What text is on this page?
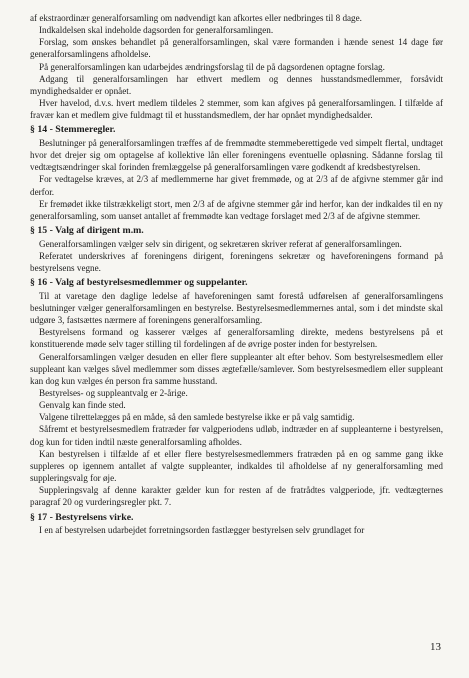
af ekstraordinær generalforsamling om nødvendigt kan afkortes eller nedbringes til 8 dage.

Indkaldelsen skal indeholde dagsorden for generalforsamlingen.

Forslag, som ønskes behandlet på generalforsamlingen, skal være formanden i hænde senest 14 dage før generalforsamlingens afholdelse.

På generalforsamlingen kan udarbejdes ændringsforslag til de på dagsordenen optagne forslag.

Adgang til generalforsamlingen har ethvert medlem og dennes husstandsmedlemmer, forsåvidt myndighedsalder er opnået.

Hver havelod, d.v.s. hvert medlem tildeles 2 stemmer, som kan afgives på generalforsamlingen. I tilfælde af fravær kan et medlem give fuldmagt til et husstandsmedlem, der har opnået myndighedsalder.

§ 14 - Stemmeregler.

Beslutninger på generalforsamlingen træffes af de fremmødte stemmeberettigede ved simpelt flertal, undtaget hvor det drejer sig om optagelse af kollektive lån eller foreningens eventuelle opløsning. Sådanne forslag til vedtægtsændringer skal forinden fremlæggelse på generalforsamlingen være godkendt af kredsbestyrelsen.

For vedtagelse kræves, at 2/3 af medlemmerne har givet fremmøde, og at 2/3 af de afgivne stemmer går ind derfor.

Er fremødet ikke tilstrækkeligt stort, men 2/3 af de afgivne stemmer går ind herfor, kan der indkaldes til en ny generalforsamling, som uanset antallet af fremmødte kan vedtage forslaget med 2/3 af de afgivne stemmer.

§ 15 - Valg af dirigent m.m.

Generalforsamlingen vælger selv sin dirigent, og sekretæren skriver referat af generalforsamlingen.

Referatet underskrives af foreningens dirigent, foreningens sekretær og haveforeningens formand på bestyrelsens vegne.

§ 16 - Valg af bestyrelsesmedlemmer og suppelanter.

Til at varetage den daglige ledelse af haveforeningen samt forestå udførelsen af generalforsamlingens beslutninger vælger generalforsamlingen en bestyrelse. Bestyrelsesmedlemmernes antal, som i det mindste skal udgøre 3, fastsættes nærmere af foreningens generalforsamling.

Bestyrelsens formand og kasserer vælges af generalforsamling direkte, medens bestyrelsens på et konstituerende møde selv tager stilling til fordelingen af de øvrige poster inden for bestyrelsen.

Generalforsamlingen vælger desuden en eller flere suppleanter alt efter behov. Som bestyrelsesmedlem eller suppleant kan vælges såvel medlemmer som disses ægtefælle/samlever. Som bestyrelsesmedlem eller suppleant kan dog kun vælges én person fra samme husstand.

Bestyrelses- og suppleantvalg er 2-årige.

Genvalg kan finde sted.

Valgene tilrettelægges på en måde, så den samlede bestyrelse ikke er på valg samtidig.

Såfremt et bestyrelsesmedlem fratræder før valgperiodens udløb, indtræder en af suppleanterne i bestyrelsen, dog kun for tiden indtil næste generalforsamling afholdes.

Kan bestyrelsen i tilfælde af et eller flere bestyrelsesmedlemmers fratræden på en og samme gang ikke suppleres op igennem antallet af valgte suppleanter, indkaldes til afholdelse af ny generalforsamling med suppleringsvalg for øje.

Suppleringsvalg af denne karakter gælder kun for resten af de fratrådtes valgperiode, jfr. vedtægternes paragraf 20 og vurderingsregler pkt. 7.

§ 17 - Bestyrelsens virke.

I en af bestyrelsen udarbejdet forretningsorden fastlægger bestyrelsen selv grundlaget for

13
